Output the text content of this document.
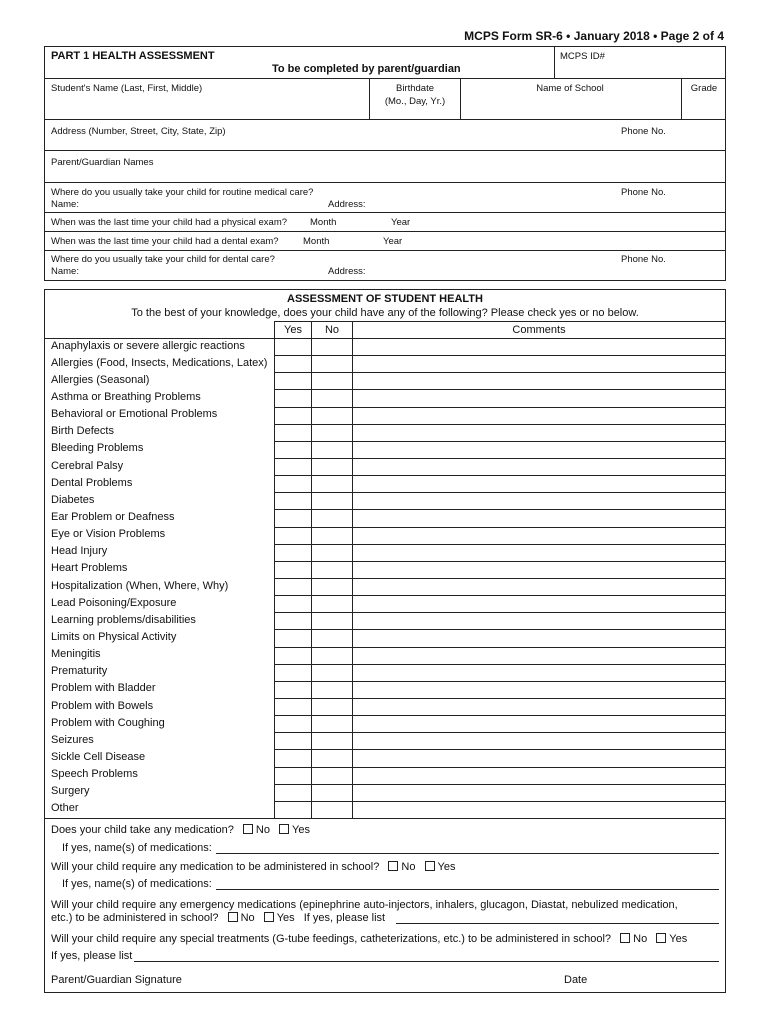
MCPS Form SR-6 • January 2018 • Page 2 of 4
PART 1 HEALTH ASSESSMENT
To be completed by parent/guardian
MCPS ID#
Student's Name (Last, First, Middle)	Birthdate
(Mo., Day, Yr.)
Name of School	Grade
Address (Number, Street, City, State, Zip)	Phone No.
Parent/Guardian Names
Where do you usually take your child for routine medical care?	Phone No.
Name:	Address:
When was the last time your child had a physical exam? Month	Year
When was the last time your child had a dental exam?	Month	Year
Where do you usually take your child for dental care?	Phone No.
Name:	Address:
ASSESSMENT OF STUDENT HEALTH
To the best of your knowledge, does your child have any of the following? Please check yes or no below.
Yes	No	Comments
Anaphylaxis or severe allergic reactions
Allergies (Food, Insects, Medications, Latex)
Allergies (Seasonal)
Asthma or Breathing Problems
Behavioral or Emotional Problems
Birth Defects
Bleeding Problems
Cerebral Palsy
Dental Problems
Diabetes
Ear Problem or Deafness
Eye or Vision Problems
Head Injury
Heart Problems
Hospitalization (When, Where, Why)
Lead Poisoning/Exposure
Learning problems/disabilities
Limits on Physical Activity
Meningitis
Prematurity
Problem with Bladder
Problem with Bowels
Problem with Coughing
Seizures
Sickle Cell Disease
Speech Problems
Surgery
Other
Does your child take any medication? No Yes
If yes, name(s) of medications:
Will your child require any medication to be administered in school? No Yes
If yes, name(s) of medications:
Will your child require any emergency medications (epinephrine auto-injectors, inhalers, glucagon, Diastat, nebulized medication,
etc.) to be administered in school? No Yes If yes, please list
Will your child require any special treatments (G-tube feedings, catheterizations, etc.) to be administered in school? No Yes
If yes, please list
Parent/Guardian Signature	Date
